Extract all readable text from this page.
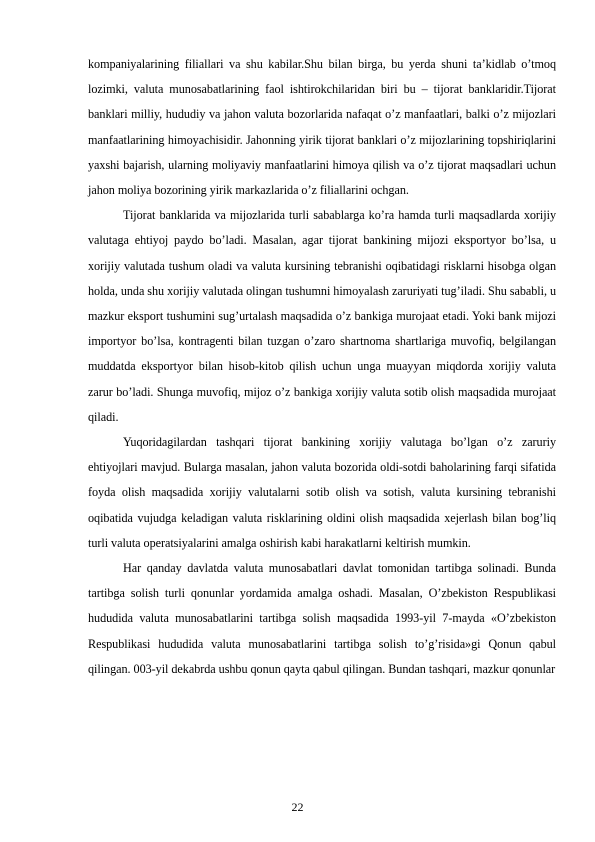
kompaniyalarining filiallari va shu kabilar.Shu bilan birga, bu yerda shuni ta’kidlab o’tmoq lozimki, valuta munosabatlarining faol ishtirokchilaridan biri bu – tijorat banklaridir.Tijorat banklari milliy, hududiy va jahon valuta bozorlarida nafaqat o’z manfaatlari, balki o’z mijozlari manfaatlarining himoyachisidir. Jahonning yirik tijorat banklari o’z mijozlarining topshiriqlarini yaxshi bajarish, ularning moliyaviy manfaatlarini himoya qilish va o’z tijorat maqsadlari uchun jahon moliya bozorining yirik markazlarida o’z filiallarini ochgan.

Tijorat banklarida va mijozlarida turli sabablarga ko’ra hamda turli maqsadlarda xorijiy valutaga ehtiyoj paydo bo’ladi. Masalan, agar tijorat bankining mijozi eksportyor bo’lsa, u xorijiy valutada tushum oladi va valuta kursining tebranishi oqibatidagi risklarni hisobga olgan holda, unda shu xorijiy valutada olingan tushumni himoyalash zaruriyati tug’iladi. Shu sababli, u mazkur eksport tushumini sug’urtalash maqsadida o’z bankiga murojaat etadi. Yoki bank mijozi importyor bo’lsa, kontragenti bilan tuzgan o’zaro shartnoma shartlariga muvofiq, belgilangan muddatda eksportyor bilan hisob-kitob qilish uchun unga muayyan miqdorda xorijiy valuta zarur bo’ladi. Shunga muvofiq, mijoz o’z bankiga xorijiy valuta sotib olish maqsadida murojaat qiladi.

Yuqoridagilardan tashqari tijorat bankining xorijiy valutaga bo’lgan o’z zaruriy ehtiyojlari mavjud. Bularga masalan, jahon valuta bozorida oldi-sotdi baholarining farqi sifatida foyda olish maqsadida xorijiy valutalarni sotib olish va sotish, valuta kursining tebranishi oqibatida vujudga keladigan valuta risklarining oldini olish maqsadida xejerlash bilan bog’liq turli valuta operatsiyalarini amalga oshirish kabi harakatlarni keltirish mumkin.

Har qanday davlatda valuta munosabatlari davlat tomonidan tartibga solinadi. Bunda tartibga solish turli qonunlar yordamida amalga oshadi. Masalan, O’zbekiston Respublikasi hududida valuta munosabatlarini tartibga solish maqsadida 1993-yil 7-mayda «O’zbekiston Respublikasi hududida valuta munosabatlarini tartibga solish to’g’risida»gi Qonun qabul qilingan. 003-yil dekabrda ushbu qonun qayta qabul qilingan. Bundan tashqari, mazkur qonunlar

22
